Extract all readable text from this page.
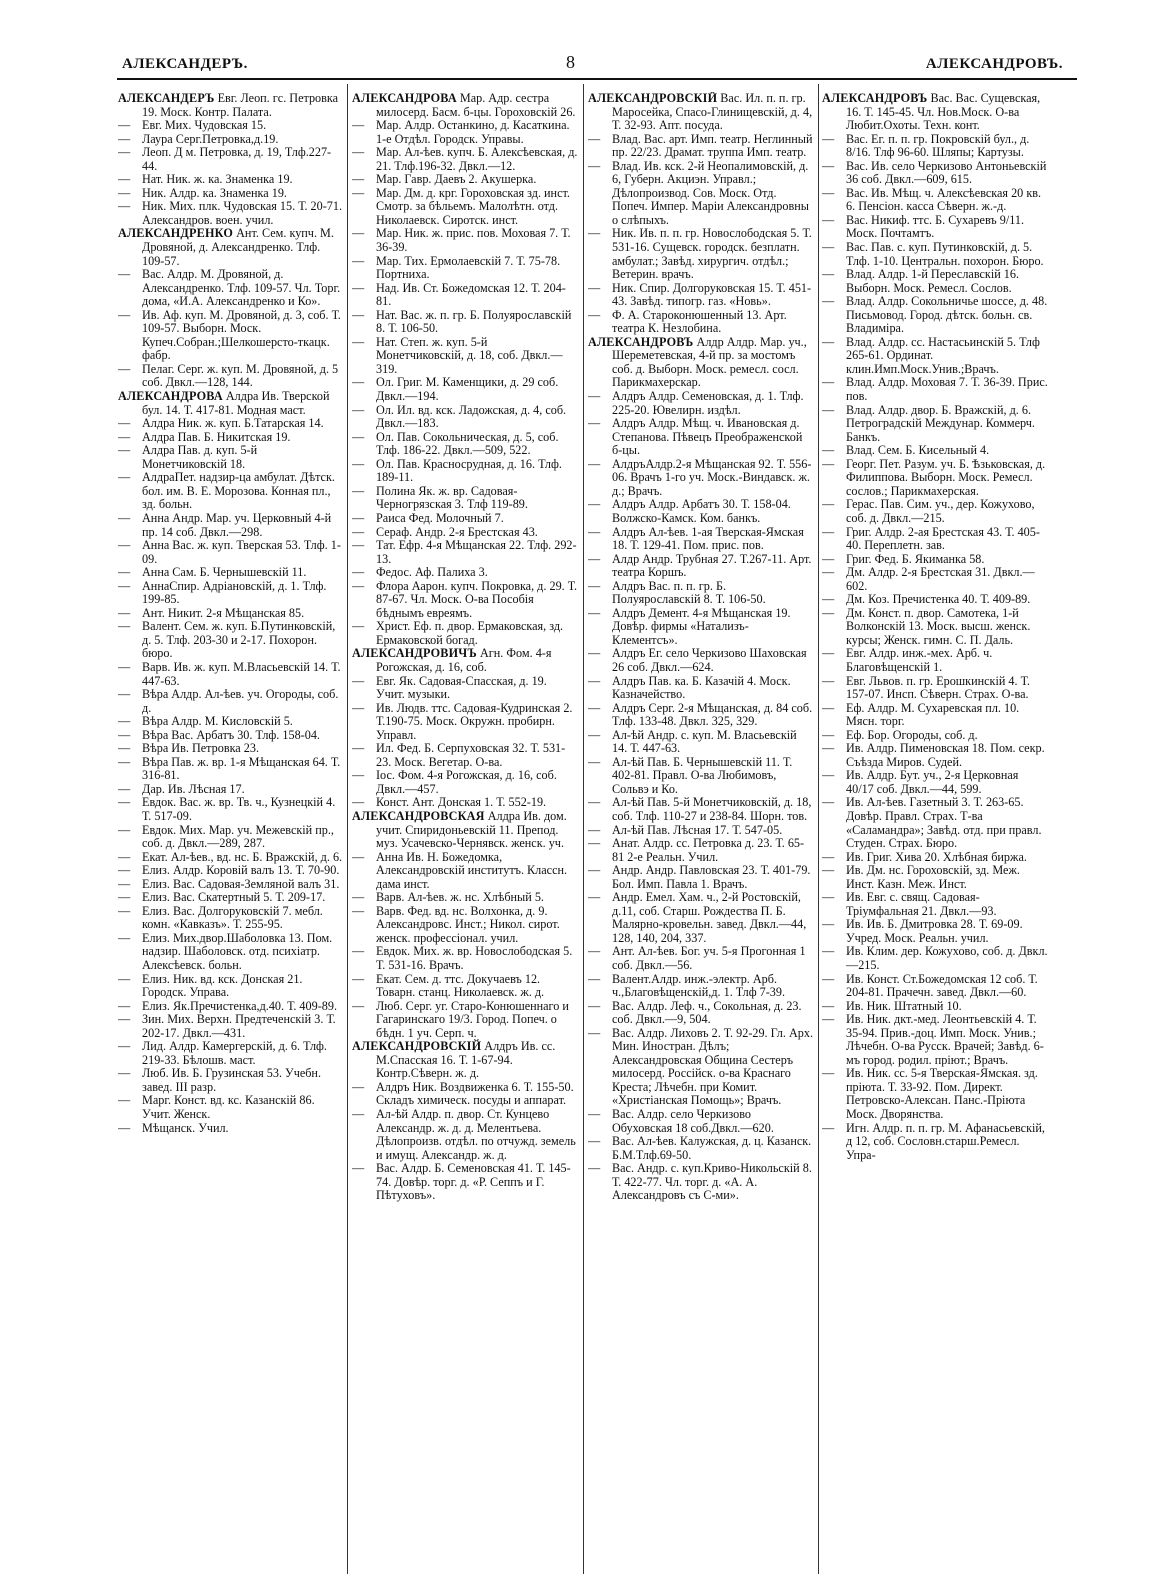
АЛЕКСАНДЕРЪ.	8	АЛЕКСАНДРОВЪ.

АЛЕКСАНДЕРЪ Евг. Леоп. гс. Петровка 19. Моск. Контр. Палата.

— Евг. Мих. Чудовская 15.

— Лаура Серг.Петровка,д.19.

— Леоп. Д м. Петровка, д. 19, Тлф.227-44.

— Нат. Ник. ж. ка. Знаменка 19.

— Ник. Алдр. ка. Знаменка 19.

— Ник. Мих. плк. Чудовская 15. Т. 20-71. Александров. воен. учил.

АЛЕКСАНДРЕНКО Ант. Сем. купч. М. Дровяной, д. Александренко. Тлф. 109-57.

— Вас. Алдр. М. Дровяной, д. Александренко. Тлф. 109-57. Чл. Торг. дома, «И.А. Александренко и Ко».

— Ив. Аф. куп. М. Дровяной, д. 3, соб. Т. 109-57. Выборн. Моск. Купеч.Собран.;Шелкошерсто-ткацк. фабр.

— Пелаг. Серг. ж. куп. М. Дровяной, д. 5 соб. Двкл.—128, 144.

АЛЕКСАНДРОВА Алдра Ив. Тверской бул. 14. Т. 417-81. Модная маст.

— Алдра Ник. ж. куп. Б.Татарская 14.

— Алдра Пав. Б. Никитская 19.

— Алдра Пав. д. куп. 5-й Монетчиковскій 18.

— АлдраПет. надзир-ца амбулат. Дѣтск. бол. им. В. Е. Морозова. Конная пл., зд. больн.

— Анна Андр. Мар. уч. Церковный 4-й пр. 14 соб. Двкл.—298.

— Анна Вас. ж. куп. Тверская 53. Тлф. 1-09.

— Анна Сам. Б. Чернышевскій 11.

— АннаСпир. Адріановскій, д. 1. Тлф. 199-85.

— Ант. Никит. 2-я Мѣщанская 85.

— Валент. Сем. ж. куп. Б.Путинковскій, д. 5. Тлф. 203-30 и 2-17. Похорон. бюро.

— Варв. Ив. ж. куп. М.Власьевскій 14. Т. 447-63.

— Вѣра Алдр. Ал-ѣев. уч. Огороды, соб. д.

— Вѣра Алдр. М. Кисловскій 5.

— Вѣра Вас. Арбатъ 30. Тлф. 158-04.

— Вѣра Ив. Петровка 23.

— Вѣра Пав. ж. вр. 1-я Мѣщанская 64. Т. 316-81.

— Дар. Ив. Лѣсная 17.

— Евдок. Вас. ж. вр. Тв. ч., Кузнецкій 4. Т. 517-09.

— Евдок. Мих. Мар. уч. Межевскій пр., соб. д. Двкл.—289, 287.

— Екат. Ал-ѣев., вд. нс. Б. Вражскій, д. 6.

— Елиз. Алдр. Коровій валъ 13. Т. 70-90.

— Елиз. Вас. Садовая-Земляной валъ 31.

— Елиз. Вас. Скатертный 5. Т. 209-17.

— Елиз. Вас. Долгоруковскій 7. мебл. комн. «Кавказъ». Т. 255-95.

— Елиз. Мих.двор.Шаболовка 13. Пом. надзир. Шаболовск. отд. психіатр. Алексѣевск. больн.

— Елиз. Ник. вд. кск. Донская 21. Городск. Управа.

— Елиз. Як.Пречистенка,д.40. Т. 409-89.

— Зин. Мих. Верхн. Предтеченскій 3. Т. 202-17. Двкл.—431.

— Лид. Алдр. Камергерскій, д. 6. Тлф. 219-33. Бѣлошв. маст.

— Люб. Ив. Б. Грузинская 53. Учебн. завед. III разр.

— Марг. Конст. вд. кс. Казанскій 86. Учит. Женск.

— Мѣщанск. Учил.

АЛЕКСАНДРОВА Мар. Адр. сестра милосерд. Басм. б-цы. Гороховскій 26.

— Мар. Алдр. Останкино, д. Касаткина. 1-е Отдѣл. Городск. Управы.

— Мар. Ал-ѣев. купч. Б. Алексѣевская, д. 21. Тлф.196-32. Двкл.—12.

— Мар. Гавр. Даевъ 2. Акушерка.

— Мар. Дм. д. крг. Гороховская зд. инст. Смотр. за бѣльемъ. Малолѣтн. отд. Николаевск. Сиротск. инст.

— Мар. Ник. ж. прис. пов. Моховая 7. Т. 36-39.

— Мар. Тих. Ермолаевскій 7. Т. 75-78. Портниха.

— Над. Ив. Ст. Божедомская 12. Т. 204-81.

— Нат. Вас. ж. п. гр. Б. Полуярославскій 8. Т. 106-50.

— Нат. Степ. ж. куп. 5-й Монетчиковскій, д. 18, соб. Двкл.—319.

— Ол. Григ. М. Каменщики, д. 29 соб. Двкл.—194.

— Ол. Ил. вд. кск. Ладожская, д. 4, соб. Двкл.—183.

— Ол. Пав. Сокольническая, д. 5, соб. Тлф. 186-22. Двкл.—509, 522.

— Ол. Пав. Красносрудная, д. 16. Тлф. 189-11.

— Полина Як. ж. вр. Садовая-Черногрязская 3. Тлф 119-89.

— Раиса Фед. Молочный 7.

— Сераф. Андр. 2-я Брестская 43.

— Тат. Ефр. 4-я Мѣщанская 22. Тлф. 292-13.

— Федос. Аф. Палиха 3.

— Флора Аарон. купч. Покровка, д. 29. Т. 87-67. Чл. Моск. О-ва Пособія бѣднымъ евреямъ.

— Христ. Еф. п. двор. Ермаковская, зд. Ермаковской богад.

АЛЕКСАНДРОВИЧЪ Агн. Фом. 4-я Рогожская, д. 16, соб.

— Евг. Як. Садовая-Спасская, д. 19. Учит. музыки.

— Ив. Людв. ттс. Садовая-Кудринская 2. Т.190-75. Моск. Окружн. пробирн. Управл.

— Ил. Фед. Б. Серпуховская 32. Т. 531-23. Моск. Вегетар. О-ва.

— Іос. Фом. 4-я Рогожская, д. 16, соб. Двкл.—457.

— Конст. Ант. Донская 1. Т. 552-19.

АЛЕКСАНДРОВСКАЯ Алдра Ив. дом. учит. Спиридоньевскій 11. Препод. муз. Усачевско-Чернявск. женск. уч.

— Анна Ив. Н. Божедомка, Александровскій институтъ. Классн. дама инст.

— Варв. Ал-ѣев. ж. нс. Хлѣбный 5.

— Варв. Фед. вд. нс. Волхонка, д. 9. Александровс. Инст.; Никол. сирот. женск. профессіонал. учил.

— Евдок. Мих. ж. вр. Новослободская 5. Т. 531-16. Врачъ.

— Екат. Сем. д. ттс. Докучаевъ 12. Товарн. станц. Николаевск. ж. д.

— Люб. Серг. уг. Старо-Конюшеннаго и Гагаринскаго 19/3. Город. Попеч. о бѣдн. 1 уч. Серп. ч.

АЛЕКСАНДРОВСКІЙ Алдръ Ив. сс. М.Спасская 16. Т. 1-67-94. Контр.Сѣверн. ж. д.

— Алдръ Ник. Воздвиженка 6. Т. 155-50. Складъ химическ. посуды и аппарат.

— Ал-ѣй Алдр. п. двор. Ст. Кунцево Александр. ж. д. д. Мелентьева. Дѣлопроизв. отдѣл. по отчужд. земель и имущ. Александр. ж. д.

— Вас. Алдр. Б. Семеновская 41. Т. 145-74. Довѣр. торг. д. «Р. Сеппъ и Г. Пѣтуховъ».

АЛЕКСАНДРОВСКІЙ Вас. Ил. п. п. гр. Маросейка, Спасо-Глинищевскій, д. 4, Т. 32-93. Апт. посуда.

— Влад. Вас. арт. Имп. театр. Неглинный пр. 22/23. Драмат. труппа Имп. театр.

— Влад. Ив. кск. 2-й Неопалимовскій, д. 6, Губерн. Акциэн. Управл.; Дѣлопроизвод. Сов. Моск. Отд. Попеч. Импер. Маріи Александровны о слѣпыхъ.

— Ник. Ив. п. п. гр. Новослободская 5. Т. 531-16. Сущевск. городск. безплатн. амбулат.; Завѣд. хирургич. отдѣл.; Ветерин. врачъ.

— Ник. Спир. Долгоруковская 15. Т. 451-43. Завѣд. типогр. газ. «Новь».

— Ф. А. Староконюшенный 13. Арт. театра К. Незлобина.

АЛЕКСАНДРОВЪ Алдр Алдр. Мар. уч., Шереметевская, 4-й пр. за мостомъ соб. д. Выборн. Моск. ремесл. сосл. Парикмахерскар.

— Алдръ Алдр. Семеновская, д. 1. Тлф. 225-20. Ювелирн. издѣл.

— Алдръ Алдр. Мѣщ. ч. Ивановская д. Степанова. Пѣвецъ Преображенской б-цы.

— АлдръАлдр.2-я Мѣщанская 92. Т. 556-06. Врачъ 1-го уч. Моск.-Виндавск. ж. д.; Врачъ.

— Алдръ Алдр. Арбатъ 30. Т. 158-04. Волжско-Камск. Ком. банкъ.

— Алдръ Ал-ѣев. 1-ая Тверская-Ямская 18. Т. 129-41. Пом. прис. пов.

— Алдр Андр. Трубная 27. Т.267-11. Арт. театра Коршъ.

— Алдръ Вас. п. п. гр. Б. Полуярославскій 8. Т. 106-50.

— Алдръ Демент. 4-я Мѣщанская 19. Довѣр. фирмы «Натализъ-Клементсъ».

— Алдръ Ег. село Черкизово Шаховская 26 соб. Двкл.—624.

— Алдръ Пав. ка. Б. Казачій 4. Моск. Казначейство.

— Алдръ Серг. 2-я Мѣщанская, д. 84 соб. Тлф. 133-48. Двкл. 325, 329.

— Ал-ѣй Андр. с. куп. М. Власьевскій 14. Т. 447-63.

— Ал-ѣй Пав. Б. Чернышевскій 11. Т. 402-81. Правл. О-ва Любимовъ, Сольвэ и Ко.

— Ал-ѣй Пав. 5-й Монетчиковскій, д. 18, соб. Тлф. 110-27 и 238-84. Шорн. тов.

— Ал-ѣй Пав. Лѣсная 17. Т. 547-05.

— Анат. Алдр. сс. Петровка д. 23. Т. 65-81 2-е Реальн. Учил.

— Андр. Андр. Павловская 23. Т. 401-79. Бол. Имп. Павла 1. Врачъ.

— Андр. Емел. Хам. ч., 2-й Ростовскій, д.11, соб. Старш. Рождества П. Б. Малярно-кровельн. завед. Двкл.—44, 128, 140, 204, 337.

— Ант. Ал-ѣев. Бог. уч. 5-я Прогонная 1 соб. Двкл.—56.

— Валент.Алдр. инж.-электр. Арб. ч.,Благовѣщенскій,д. 1. Тлф 7-39.

— Вас. Алдр. Леф. ч., Сокольная, д. 23. соб. Двкл.—9, 504.

— Вас. Алдр. Лиховъ 2. Т. 92-29. Гл. Арх. Мин. Иностран. Дѣлъ; Александровская Община Сестеръ милосерд. Россійск. о-ва Краснаго Креста; Лѣчебн. при Комит. «Христіанская Помощь»; Врачъ.

— Вас. Алдр. село Черкизово Обуховская 18 соб.Двкл.—620.

— Вас. Ал-ѣев. Калужская, д. ц. Казанск. Б.М.Тлф.69-50.

— Вас. Андр. с. куп.Криво-Никольскій 8. Т. 422-77. Чл. торг. д. «А. А. Александровъ съ С-ми».

АЛЕКСАНДРОВЪ Вас. Вас. Сущевская, 16. Т. 145-45. Чл. Нов.Моск. О-ва Любит.Охоты. Техн. конт.

— Вас. Ег. п. п. гр. Покровскій бул., д. 8/16. Тлф 96-60. Шляпы; Картузы.

— Вас. Ив. село Черкизово Антоньевскій 36 соб. Двкл.—609, 615.

— Вас. Ив. Мѣщ. ч. Алексѣевская 20 кв. 6. Пенсіон. касса Сѣверн. ж.-д.

— Вас. Никиф. ттс. Б. Сухаревъ 9/11. Моск. Почтамтъ.

— Вас. Пав. с. куп. Путинковскій, д. 5. Тлф. 1-10. Центральн. похорон. Бюро.

— Влад. Алдр. 1-й Переславскій 16. Выборн. Моск. Ремесл. Сослов.

— Влад. Алдр. Сокольничье шоссе, д. 48. Письмовод. Город. дѣтск. больн. св. Владиміра.

— Влад. Алдр. сс. Настасьинскій 5. Тлф 265-61. Ординат. клин.Имп.Моск.Унив.;Врачъ.

— Влад. Алдр. Моховая 7. Т. 36-39. Прис. пов.

— Влад. Алдр. двор. Б. Вражскій, д. 6. Петроградскій Междунар. Коммерч. Банкъ.

— Влад. Сем. Б. Кисельный 4.

— Георг. Пет. Разум. уч. Б. Ѣзьковская, д. Филиппова. Выборн. Моск. Ремесл. сослов.; Парикмахерская.

— Герас. Пав. Сим. уч., дер. Кожухово, соб. д. Двкл.—215.

— Григ. Алдр. 2-ая Брестская 43. Т. 405-40. Переплетн. зав.

— Григ. Фед. Б. Якиманка 58.

— Дм. Алдр. 2-я Брестская 31. Двкл.—602.

— Дм. Коз. Пречистенка 40. Т. 409-89.

— Дм. Конст. п. двор. Самотека, 1-й Волконскій 13. Моск. высш. женск. курсы; Женск. гимн. С. П. Даль.

— Евг. Алдр. инж.-мех. Арб. ч. Благовѣщенскій 1.

— Евг. Львов. п. гр. Ерошкинскій 4. Т. 157-07. Инсп. Сѣверн. Страх. О-ва.

— Еф. Алдр. М. Сухаревская пл. 10. Мясн. торг.

— Еф. Бор. Огороды, соб. д.

— Ив. Алдр. Пименовская 18. Пом. секр. Съѣзда Миров. Судей.

— Ив. Алдр. Бут. уч., 2-я Церковная 40/17 соб. Двкл.—44, 599.

— Ив. Ал-ѣев. Газетный 3. Т. 263-65. Довѣр. Правл. Страх. Т-ва «Саламандра»; Завѣд. отд. при правл. Студен. Страх. Бюро.

— Ив. Григ. Хива 20. Хлѣбная биржа.

— Ив. Дм. нс. Гороховскій, зд. Меж. Инст. Казн. Меж. Инст.

— Ив. Евг. с. свящ. Садовая-Тріумфальная 21. Двкл.—93.

— Ив. Ив. Б. Дмитровка 28. Т. 69-09. Учред. Моск. Реальн. учил.

— Ив. Клим. дер. Кожухово, соб. д. Двкл.—215.

— Ив. Конст. Ст.Божедомская 12 соб. Т. 204-81. Прачечн. завед. Двкл.—60.

— Ив. Ник. Штатный 10.

— Ив. Ник. дкт.-мед. Леонтьевскій 4. Т. 35-94. Прив.-доц. Имп. Моск. Унив.; Лѣчебн. О-ва Русск. Врачей; Завѣд. 6-мъ город. родил. пріют.; Врачъ.

— Ив. Ник. сс. 5-я Тверская-Ямская. зд. пріюта. Т. 33-92. Пом. Директ. Петровско-Алексан. Панс.-Пріюта Моск. Дворянства.

— Игн. Алдр. п. п. гр. М. Афанасьевскій, д 12, соб. Сословн.старш.Ремесл. Упра-
